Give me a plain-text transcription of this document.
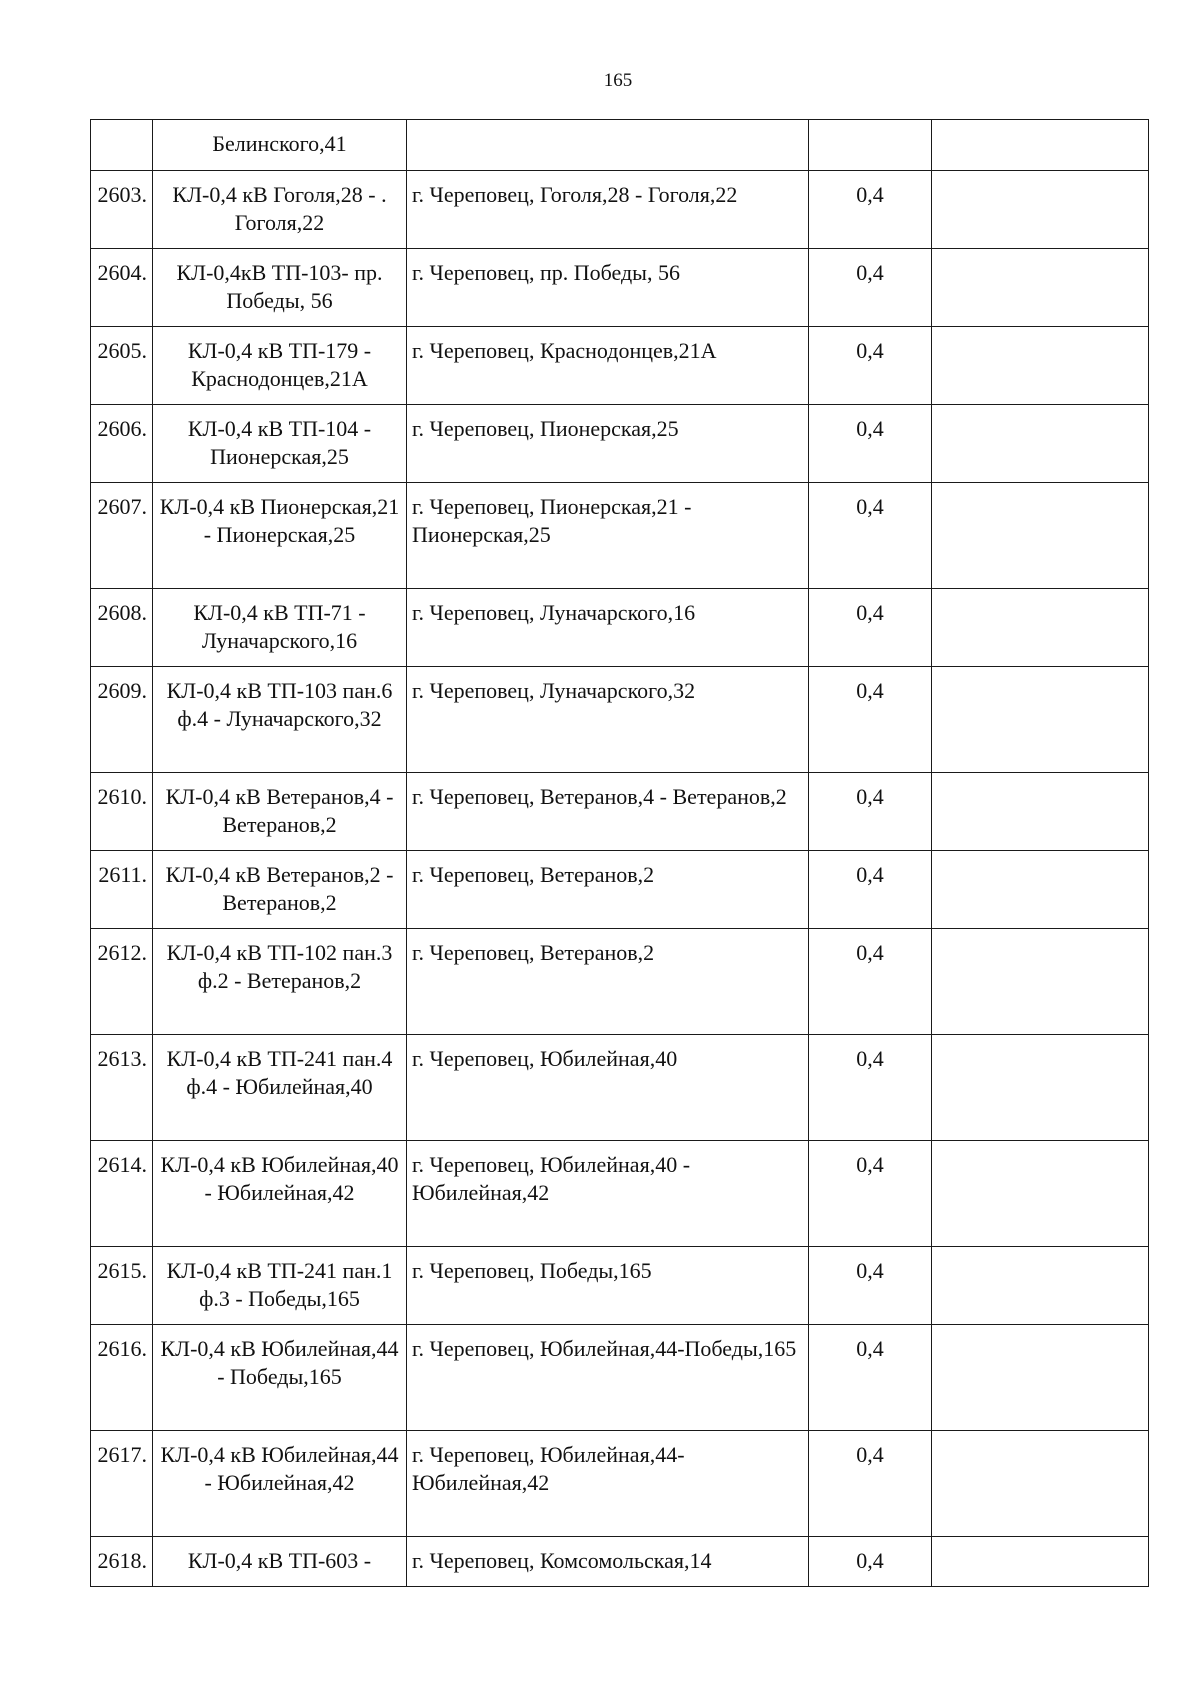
165
	Белинского,41			
2603.	КЛ-0,4 кВ Гоголя,28 - . Гоголя,22	г. Череповец, Гоголя,28 - Гоголя,22	0,4	
2604.	КЛ-0,4кВ ТП-103- пр. Победы, 56	г. Череповец, пр. Победы, 56	0,4	
2605.	КЛ-0,4 кВ ТП-179 - Краснодонцев,21А	г. Череповец, Краснодонцев,21А	0,4	
2606.	КЛ-0,4 кВ ТП-104 - Пионерская,25	г. Череповец, Пионерская,25	0,4	
2607.	КЛ-0,4 кВ Пионерская,21 - Пионерская,25	г. Череповец, Пионерская,21 - Пионерская,25	0,4	
2608.	КЛ-0,4 кВ ТП-71 - Луначарского,16	г. Череповец, Луначарского,16	0,4	
2609.	КЛ-0,4 кВ ТП-103 пан.6 ф.4 - Луначарского,32	г. Череповец, Луначарского,32	0,4	
2610.	КЛ-0,4 кВ Ветеранов,4 - Ветеранов,2	г. Череповец, Ветеранов,4 - Ветеранов,2	0,4	
2611.	КЛ-0,4 кВ Ветеранов,2 - Ветеранов,2	г. Череповец, Ветеранов,2	0,4	
2612.	КЛ-0,4 кВ ТП-102 пан.3 ф.2 - Ветеранов,2	г. Череповец, Ветеранов,2	0,4	
2613.	КЛ-0,4 кВ ТП-241 пан.4 ф.4 - Юбилейная,40	г. Череповец, Юбилейная,40	0,4	
2614.	КЛ-0,4 кВ Юбилейная,40 - Юбилейная,42	г. Череповец, Юбилейная,40 - Юбилейная,42	0,4	
2615.	КЛ-0,4 кВ ТП-241 пан.1 ф.3 - Победы,165	г. Череповец, Победы,165	0,4	
2616.	КЛ-0,4 кВ Юбилейная,44 - Победы,165	г. Череповец, Юбилейная,44-Победы,165	0,4	
2617.	КЛ-0,4 кВ Юбилейная,44 - Юбилейная,42	г. Череповец, Юбилейная,44-Юбилейная,42	0,4	
2618.	КЛ-0,4 кВ ТП-603 -	г. Череповец, Комсомольская,14	0,4	
